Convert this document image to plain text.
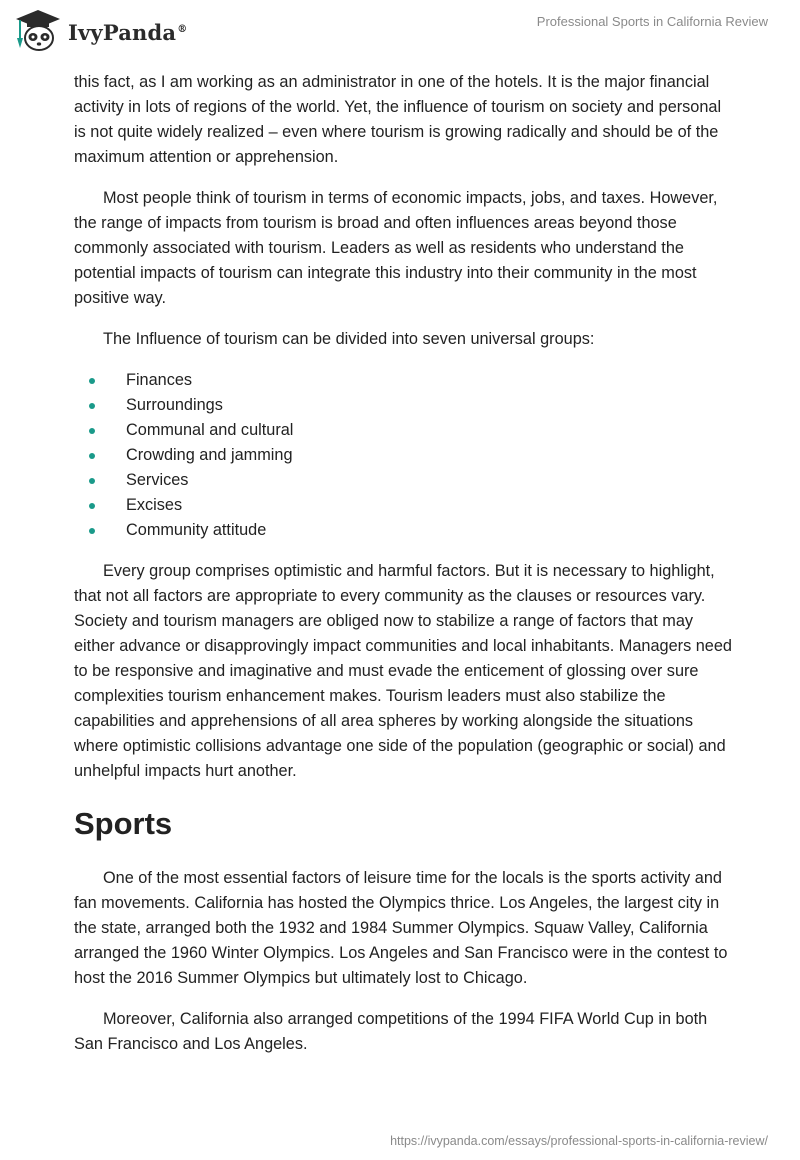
IvyPanda®	Professional Sports in California Review

this fact, as I am working as an administrator in one of the hotels. It is the major financial activity in lots of regions of the world. Yet, the influence of tourism on society and personal is not quite widely realized – even where tourism is growing radically and should be of the maximum attention or apprehension.

Most people think of tourism in terms of economic impacts, jobs, and taxes. However, the range of impacts from tourism is broad and often influences areas beyond those commonly associated with tourism. Leaders as well as residents who understand the potential impacts of tourism can integrate this industry into their community in the most positive way.

The Influence of tourism can be divided into seven universal groups:

Finances
Surroundings
Communal and cultural
Crowding and jamming
Services
Excises
Community attitude

Every group comprises optimistic and harmful factors. But it is necessary to highlight, that not all factors are appropriate to every community as the clauses or resources vary. Society and tourism managers are obliged now to stabilize a range of factors that may either advance or disapprovingly impact communities and local inhabitants. Managers need to be responsive and imaginative and must evade the enticement of glossing over sure complexities tourism enhancement makes. Tourism leaders must also stabilize the capabilities and apprehensions of all area spheres by working alongside the situations where optimistic collisions advantage one side of the population (geographic or social) and unhelpful impacts hurt another.

Sports

One of the most essential factors of leisure time for the locals is the sports activity and fan movements. California has hosted the Olympics thrice. Los Angeles, the largest city in the state, arranged both the 1932 and 1984 Summer Olympics. Squaw Valley, California arranged the 1960 Winter Olympics. Los Angeles and San Francisco were in the contest to host the 2016 Summer Olympics but ultimately lost to Chicago.

Moreover, California also arranged competitions of the 1994 FIFA World Cup in both San Francisco and Los Angeles.

https://ivypanda.com/essays/professional-sports-in-california-review/
